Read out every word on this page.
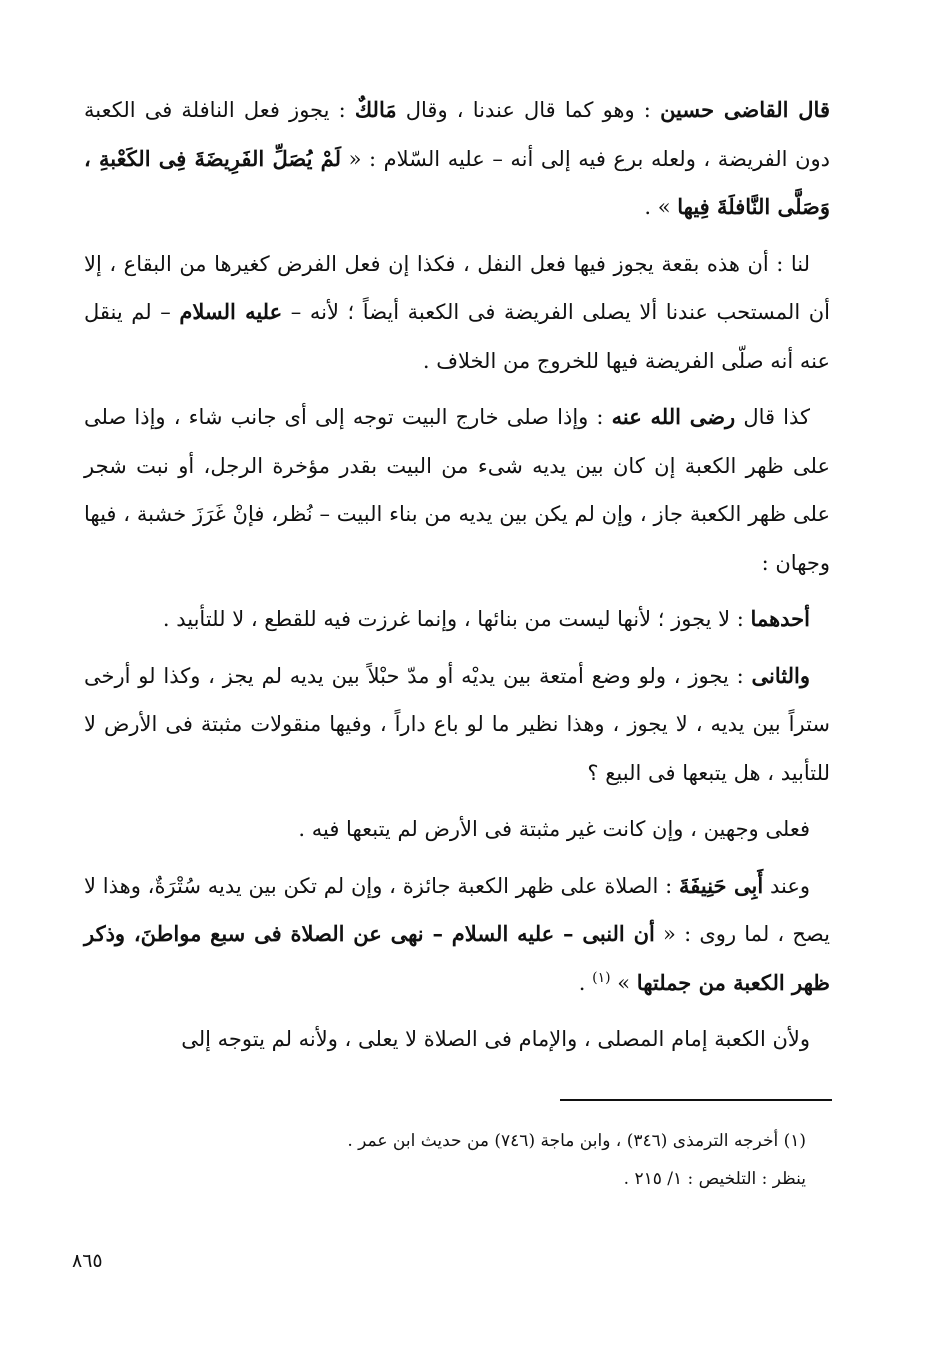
قال القاضى حسين : وهو كما قال عندنا ، وقال مَالكٌ : يجوز فعل النافلة فى الكعبة دون الفريضة ، ولعله برع فيه إلى أنه – عليه السّلام : « لَمْ يُصَلِّ الفَرِيضَةَ فِى الكَعْبةِ ، وَصَلَّى النَّافلَةَ فِيها » .

لنا : أن هذه بقعة يجوز فيها فعل النفل ، فكذا إن فعل الفرض كغيرها من البقاع ، إلا أن المستحب عندنا ألا يصلى الفريضة فى الكعبة أيضاً ؛ لأنه – عليه السلام – لم ينقل عنه أنه صلّى الفريضة فيها للخروج من الخلاف .

كذا قال رضى الله عنه : وإذا صلى خارج البيت توجه إلى أى جانب شاء ، وإذا صلى على ظهر الكعبة إن كان بين يديه شىء من البيت بقدر مؤخرة الرجل، أو نبت شجر على ظهر الكعبة جاز ، وإن لم يكن بين يديه من بناء البيت – نُظر، فإنْ غَرَزَ خشبة ، فيها وجهان :

أحدهما : لا يجوز ؛ لأنها ليست من بنائها ، وإنما غرزت فيه للقطع ، لا للتأبيد .

والثانى : يجوز ، ولو وضع أمتعة بين يديْه أو مدّ حبْلاً بين يديه لم يجز ، وكذا لو أرخى ستراً بين يديه ، لا يجوز ، وهذا نظير ما لو باع داراً ، وفيها منقولات مثبتة فى الأرض لا للتأبيد ، هل يتبعها فى البيع ؟

فعلى وجهين ، وإن كانت غير مثبتة فى الأرض لم يتبعها فيه .

وعند أَبِى حَنِيفَةَ : الصلاة على ظهر الكعبة جائزة ، وإن لم تكن بين يديه سُتْرَةٌ، وهذا لا يصح ، لما روى : « أن النبى – عليه السلام – نهى عن الصلاة فى سبع مواطنَ، وذكر ظهر الكعبة من جملتها » $^{(١)}$ .

ولأن الكعبة إمام المصلى ، والإمام فى الصلاة لا يعلى ، ولأنه لم يتوجه إلى

(١) أخرجه الترمذى (٣٤٦) ، وابن ماجة (٧٤٦) من حديث ابن عمر .
ينظر : التلخيص : ١/ ٢١٥ .
٨٦٥
